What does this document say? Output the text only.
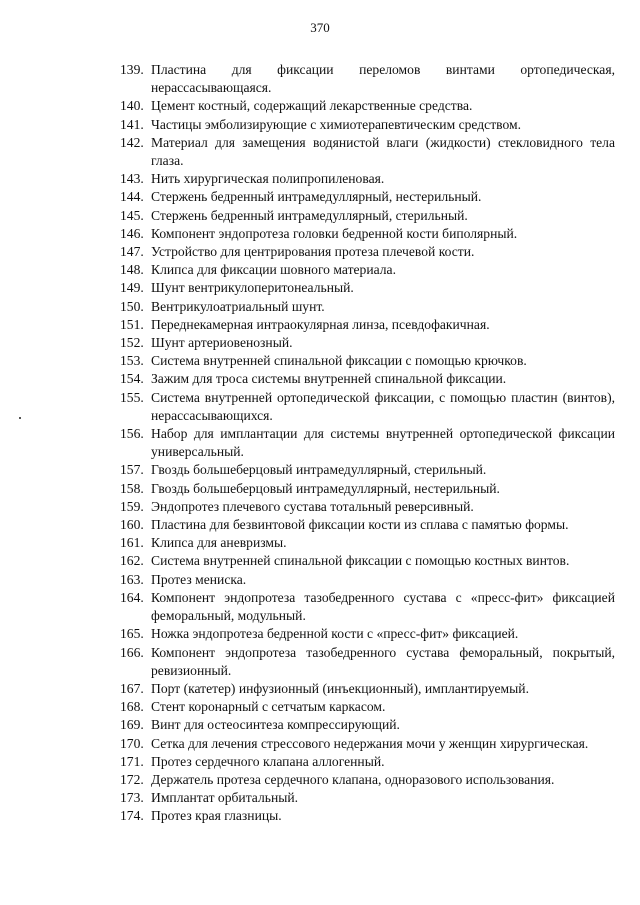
370
139. Пластина для фиксации переломов винтами ортопедическая, нерассасывающаяся.
140. Цемент костный, содержащий лекарственные средства.
141. Частицы эмболизирующие с химиотерапевтическим средством.
142. Материал для замещения водянистой влаги (жидкости) стекловидного тела глаза.
143. Нить хирургическая полипропиленовая.
144. Стержень бедренный интрамедуллярный, нестерильный.
145. Стержень бедренный интрамедуллярный, стерильный.
146. Компонент эндопротеза головки бедренной кости биполярный.
147. Устройство для центрирования протеза плечевой кости.
148. Клипса для фиксации шовного материала.
149. Шунт вентрикулоперитонеальный.
150. Вентрикулоатриальный шунт.
151. Переднекамерная интраокулярная линза, псевдофакичная.
152. Шунт артериовенозный.
153. Система внутренней спинальной фиксации с помощью крючков.
154. Зажим для троса системы внутренней спинальной фиксации.
155. Система внутренней ортопедической фиксации, с помощью пластин (винтов), нерассасывающихся.
156. Набор для имплантации для системы внутренней ортопедической фиксации универсальный.
157. Гвоздь большеберцовый интрамедуллярный, стерильный.
158. Гвоздь большеберцовый интрамедуллярный, нестерильный.
159. Эндопротез плечевого сустава тотальный реверсивный.
160. Пластина для безвинтовой фиксации кости из сплава с памятью формы.
161. Клипса для аневризмы.
162. Система внутренней спинальной фиксации с помощью костных винтов.
163. Протез мениска.
164. Компонент эндопротеза тазобедренного сустава с «пресс-фит» фиксацией феморальный, модульный.
165. Ножка эндопротеза бедренной кости с «пресс-фит» фиксацией.
166. Компонент эндопротеза тазобедренного сустава феморальный, покрытый, ревизионный.
167. Порт (катетер) инфузионный (инъекционный), имплантируемый.
168. Стент коронарный с сетчатым каркасом.
169. Винт для остеосинтеза компрессирующий.
170. Сетка для лечения стрессового недержания мочи у женщин хирургическая.
171. Протез сердечного клапана аллогенный.
172. Держатель протеза сердечного клапана, одноразового использования.
173. Имплантат орбитальный.
174. Протез края глазницы.
